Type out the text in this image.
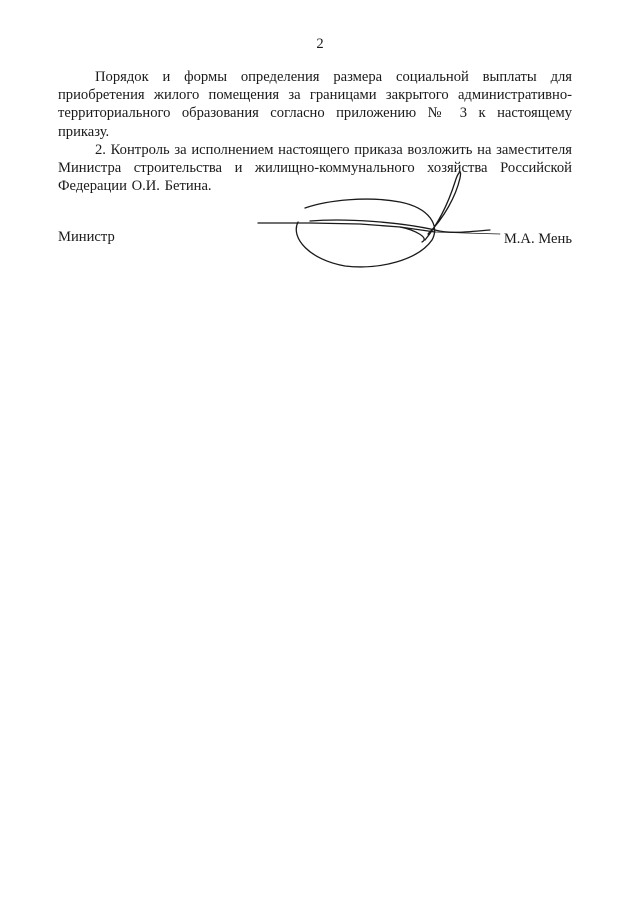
2

Порядок и формы определения размера социальной выплаты для приобретения жилого помещения за границами закрытого административно-территориального образования согласно приложению № 3 к настоящему приказу.

2. Контроль за исполнением настоящего приказа возложить на заместителя Министра строительства и жилищно-коммунального хозяйства Российской Федерации О.И. Бетина.

Министр	М.А. Мень
